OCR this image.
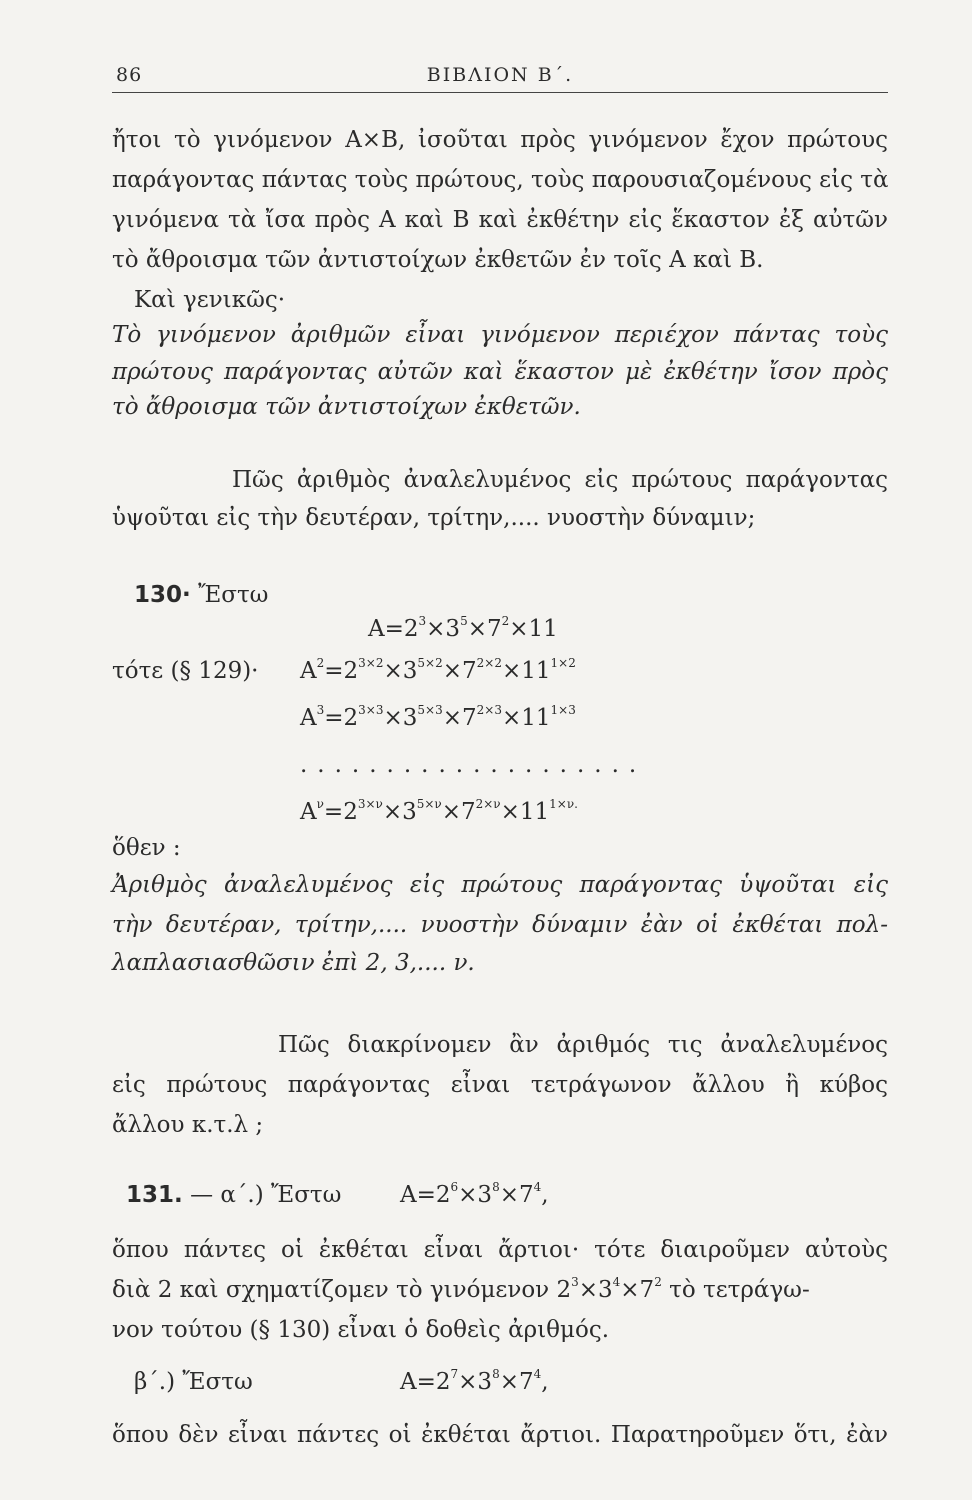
86	ΒΙΒΛΙΟΝ Β΄.
ἤτοι τὸ γινόμενον A×B, ἰσοῦται πρὸς γινόμενον ἔχον πρώτους
παράγοντας πάντας τοὺς πρώτους, τοὺς παρουσιαζομένους εἰς τὰ
γινόμενα τὰ ἴσα πρὸς A καὶ B καὶ ἐκθέτην εἰς ἕκαστον ἐξ αὐτῶν
τὸ ἄθροισμα τῶν ἀντιστοίχων ἐκθετῶν ἐν τοῖς A καὶ B.
Καὶ γενικῶς·
Τὸ γινόμενον ἀριθμῶν εἶναι γινόμενον περιέχον πάντας τοὺς
πρώτους παράγοντας αὐτῶν καὶ ἕκαστον μὲ ἐκθέτην ἴσον πρὸς
τὸ ἄθροισμα τῶν ἀντιστοίχων ἐκθετῶν.
Πῶς ἀριθμὸς ἀναλελυμένος εἰς πρώτους παράγοντας
ὑψοῦται εἰς τὴν δευτέραν, τρίτην,.... νυοστὴν δύναμιν;
130· Ἔστω
$A=2^3\times 3^5\times 7^2\times 11$
τότε (§ $129)\cdot A^2=2^{3\times 2}\times 3^{5\times 2}\times 7^{2\times 2}\times 11^{1\times 2}$
$A^3=2^{3\times 3}\times 3^{5\times 3}\times 7^{2\times 3}\times 11^{1\times 3}$
....................
$A^\nu=2^{3\times\nu}\times 3^{5\times\nu}\times 7^{2\times\nu}\times 11^{1\times\nu.}$
ὅθεν :
Ἀριθμὸς ἀναλελυμένος εἰς πρώτους παράγοντας ὑψοῦται εἰς
τὴν δευτέραν, τρίτην,.... νυοστὴν δύναμιν ἐὰν οἱ ἐκθέται πολ-
λαπλασιασθῶσιν ἐπὶ 2, 3,.... ν.
Πῶς διακρίνομεν ἂν ἀριθμός τις ἀναλελυμένος
εἰς πρώτους παράγοντας εἶναι τετράγωνον ἄλλου ἢ κύβος
ἄλλου κ.τ.λ ;
131. — α΄.) Ἔστω	$A=2^6\times 3^8\times 7^4$,
ὅπου πάντες οἱ ἐκθέται εἶναι ἄρτιοι· τότε διαιροῦμεν αὐτοὺς
διὰ 2 καὶ σχηματίζομεν τὸ γινόμενον $2^3\times 3^4\times 7^2$ τὸ τετράγω-
νον τούτου (§ 130) εἶναι ὁ δοθεὶς ἀριθμός.
β΄.) Ἔστω	$A=2^7\times 3^8\times 7^4$,
ὅπου δὲν εἶναι πάντες οἱ ἐκθέται ἄρτιοι. Παρατηροῦμεν ὅτι, ἐὰν
